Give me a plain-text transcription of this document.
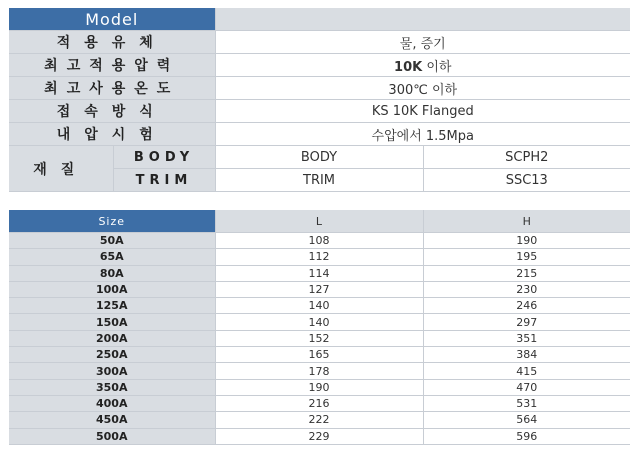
Model			
적용유체		물, 증기	
최고적용압력		10K 이하	
최고사용온도		300℃ 이하	
접속방식		KS 10K Flanged	
내압시험		수압에서 1.5Mpa	
재질	BODY	BODY	SCPH2
	TRIM	TRIM	SSC13
Size	L	H
50A	108	190
65A	112	195
80A	114	215
100A	127	230
125A	140	246
150A	140	297
200A	152	351
250A	165	384
300A	178	415
350A	190	470
400A	216	531
450A	222	564
500A	229	596
